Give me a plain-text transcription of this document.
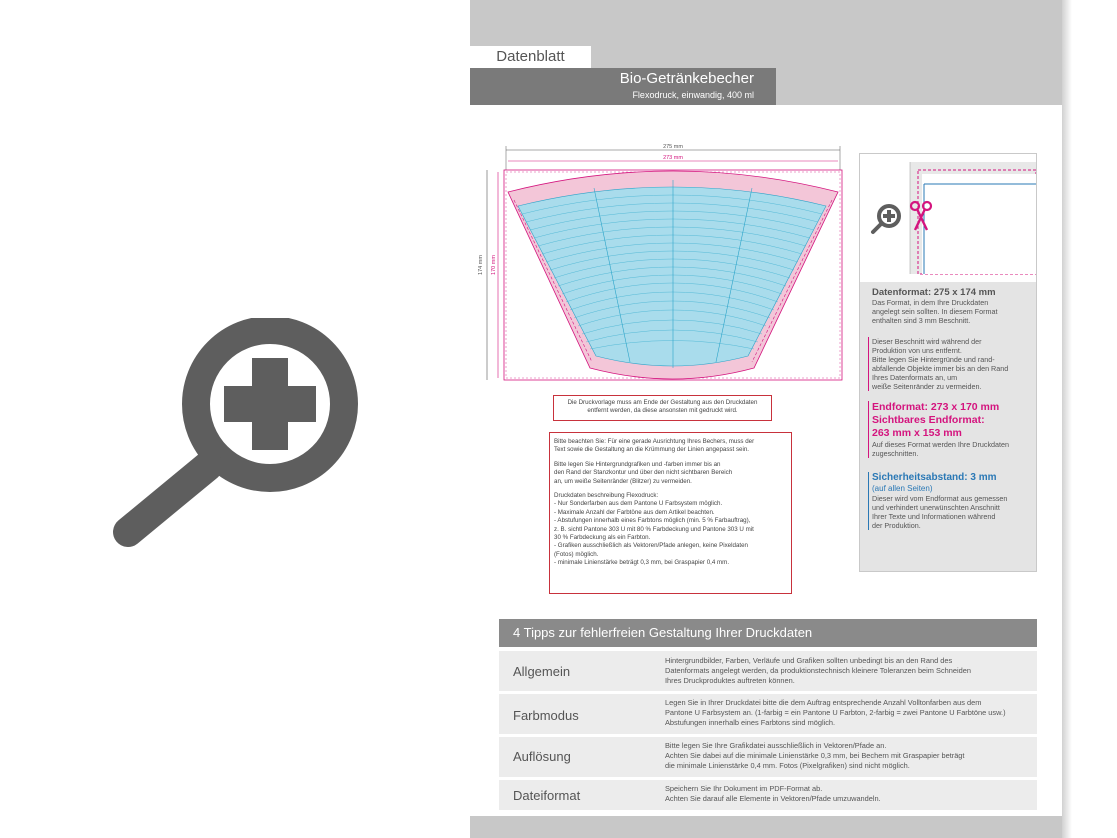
Datenblatt
Bio-Getränkebecher
Flexodruck, einwandig, 400 ml
275 mm
273 mm
174 mm 170 mm
Die Druckvorlage muss am Ende der Gestaltung aus den Druckdaten
entfernt werden, da diese ansonsten mit gedruckt wird.
Bitte beachten Sie: Für eine gerade Ausrichtung Ihres Bechers, muss der
Text sowie die Gestaltung an die Krümmung der Linien angepasst sein.
Bitte legen Sie Hintergrundgrafiken und -farben immer bis an
den Rand der Stanzkontur und über den nicht sichtbaren Bereich
an, um weiße Seitenränder (Blitzer) zu vermeiden.
Druckdaten beschreibung Flexodruck:
- Nur Sonderfarben aus dem Pantone U Farbsystem möglich.
- Maximale Anzahl der Farbtöne aus dem Artikel beachten.
- Abstufungen innerhalb eines Farbtons möglich (min. 5 % Farbauftrag),
z. B. sichtl Pantone 303 U mit 80 % Farbdeckung und Pantone 303 U mit
30 % Farbdeckung als ein Farbton.
- Grafiken ausschließlich als Vektoren/Pfade anlegen, keine Pixeldaten
(Fotos) möglich.
- minimale Linienstärke beträgt 0,3 mm, bei Graspapier 0,4 mm.
Datenformat: 275 x 174 mm
Das Format, in dem Ihre Druckdaten
angelegt sein sollten. In diesem Format
enthalten sind 3 mm Beschnitt.
Dieser Beschnitt wird während der
Produktion von uns entfernt.
Bitte legen Sie Hintergründe und rand-
abfallende Objekte immer bis an den Rand
Ihres Datenformats an, um
weiße Seitenränder zu vermeiden.
Endformat: 273 x 170 mm
Sichtbares Endformat:
263 mm x 153 mm
Auf dieses Format werden Ihre Druckdaten
zugeschnitten.
Sicherheitsabstand: 3 mm
(auf allen Seiten)
Dieser wird vom Endformat aus gemessen
und verhindert unerwünschten Anschnitt
Ihrer Texte und Informationen während
der Produktion.
4 Tipps zur fehlerfreien Gestaltung Ihrer Druckdaten
Allgemein
Hintergrundbilder, Farben, Verläufe und Grafiken sollten unbedingt bis an den Rand des
Datenformats angelegt werden, da produktionstechnisch kleinere Toleranzen beim Schneiden
Ihres Druckproduktes auftreten können.
Farbmodus
Legen Sie in Ihrer Druckdatei bitte die dem Auftrag entsprechende Anzahl Volltonfarben aus dem
Pantone U Farbsystem an. (1-farbig = ein Pantone U Farbton, 2-farbig = zwei Pantone U Farbtöne usw.)
Abstufungen innerhalb eines Farbtons sind möglich.
Auflösung
Bitte legen Sie Ihre Grafikdatei ausschließlich in Vektoren/Pfade an.
Achten Sie dabei auf die minimale Linienstärke 0,3 mm, bei Bechern mit Graspapier beträgt
die minimale Linienstärke 0,4 mm. Fotos (Pixelgrafiken) sind nicht möglich.
Dateiformat	Speichern Sie Ihr Dokument im PDF-Format ab.
Achten Sie darauf alle Elemente in Vektoren/Pfade umzuwandeln.
